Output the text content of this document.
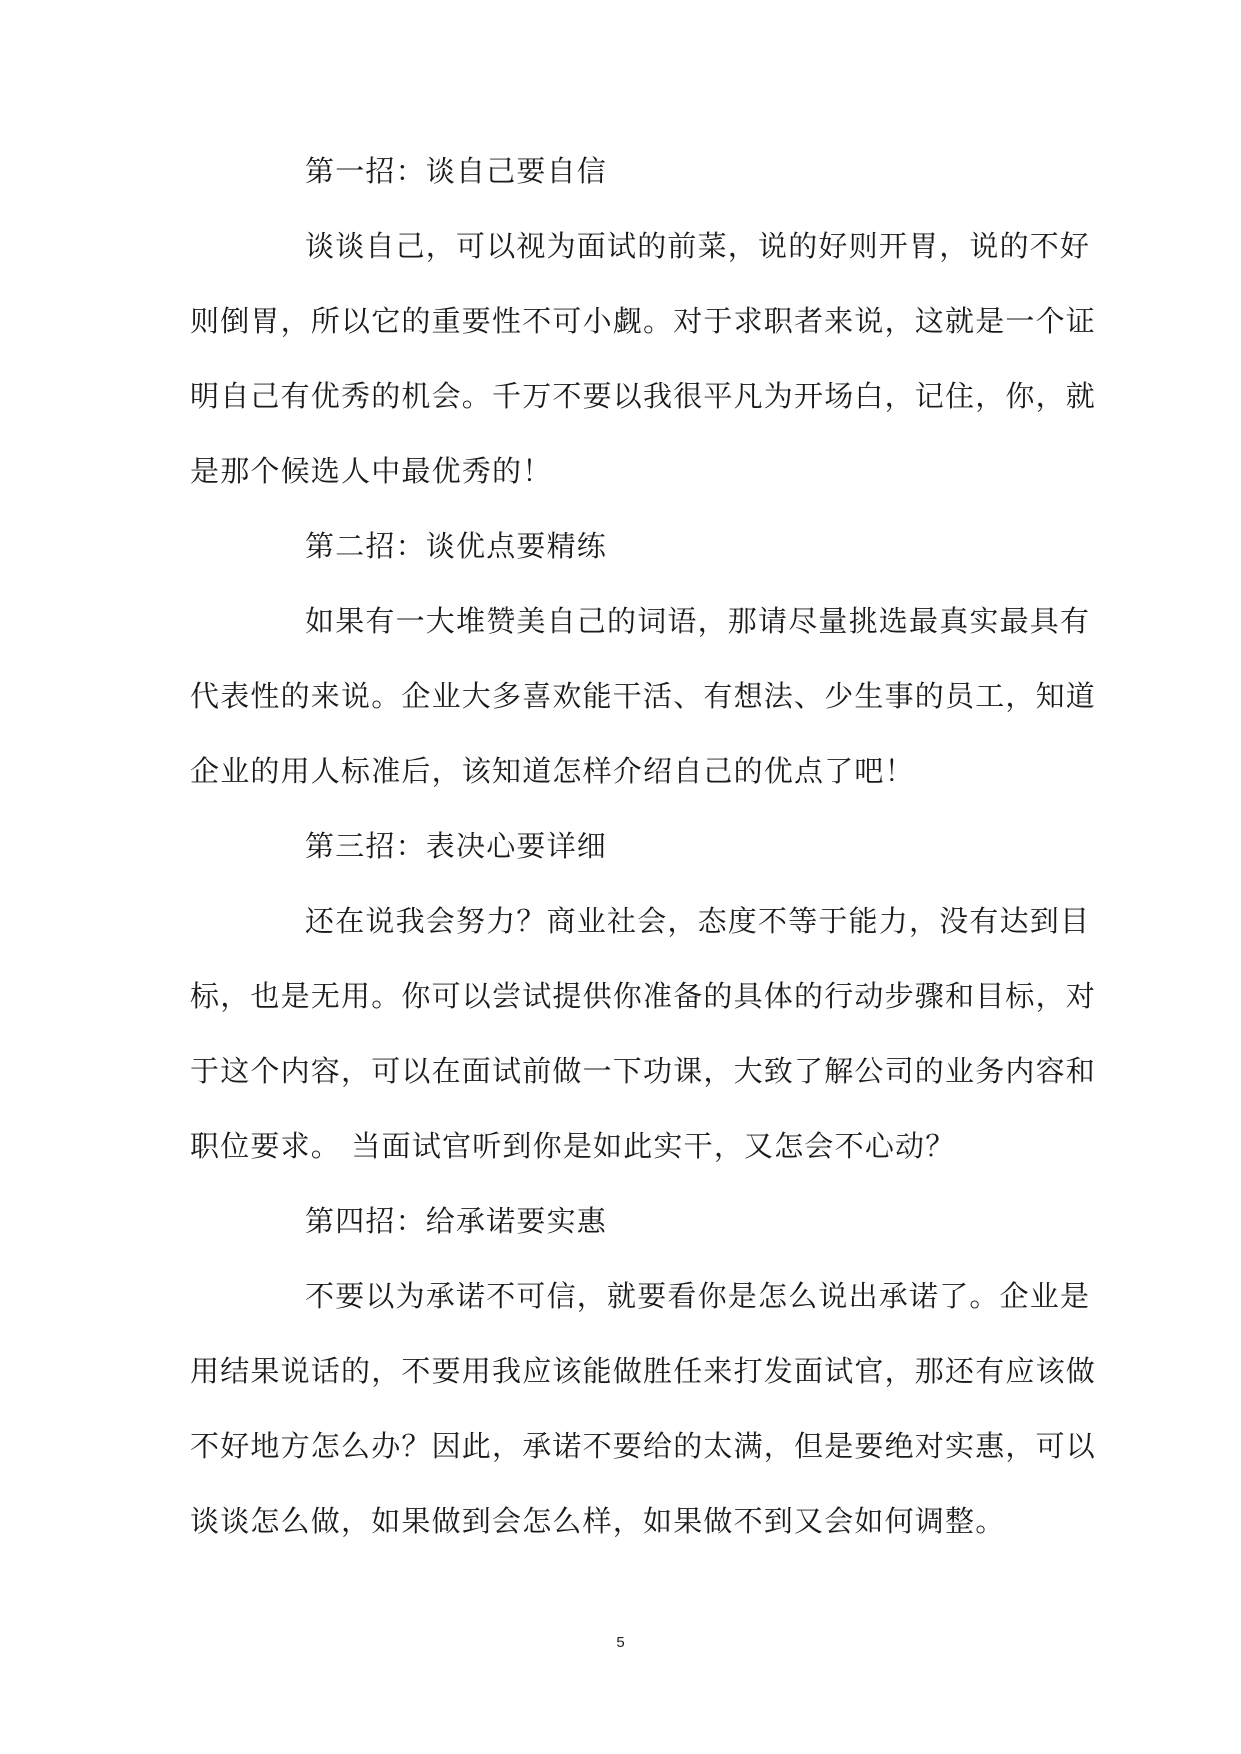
第一招：谈自己要自信

谈谈自己，可以视为面试的前菜，说的好则开胃，说的不好

则倒胃，所以它的重要性不可小觑。对于求职者来说，这就是一个证

明自己有优秀的机会。千万不要以我很平凡为开场白，记住，你，就

是那个候选人中最优秀的！

第二招：谈优点要精练

如果有一大堆赞美自己的词语，那请尽量挑选最真实最具有

代表性的来说。企业大多喜欢能干活、有想法、少生事的员工，知道

企业的用人标准后，该知道怎样介绍自己的优点了吧！

第三招：表决心要详细

还在说我会努力？商业社会，态度不等于能力，没有达到目

标，也是无用。你可以尝试提供你准备的具体的行动步骤和目标，对

于这个内容，可以在面试前做一下功课，大致了解公司的业务内容和

职位要求。 当面试官听到你是如此实干，又怎会不心动？

第四招：给承诺要实惠

不要以为承诺不可信，就要看你是怎么说出承诺了。企业是

用结果说话的，不要用我应该能做胜任来打发面试官，那还有应该做

不好地方怎么办？因此，承诺不要给的太满，但是要绝对实惠，可以

谈谈怎么做，如果做到会怎么样，如果做不到又会如何调整。

5
